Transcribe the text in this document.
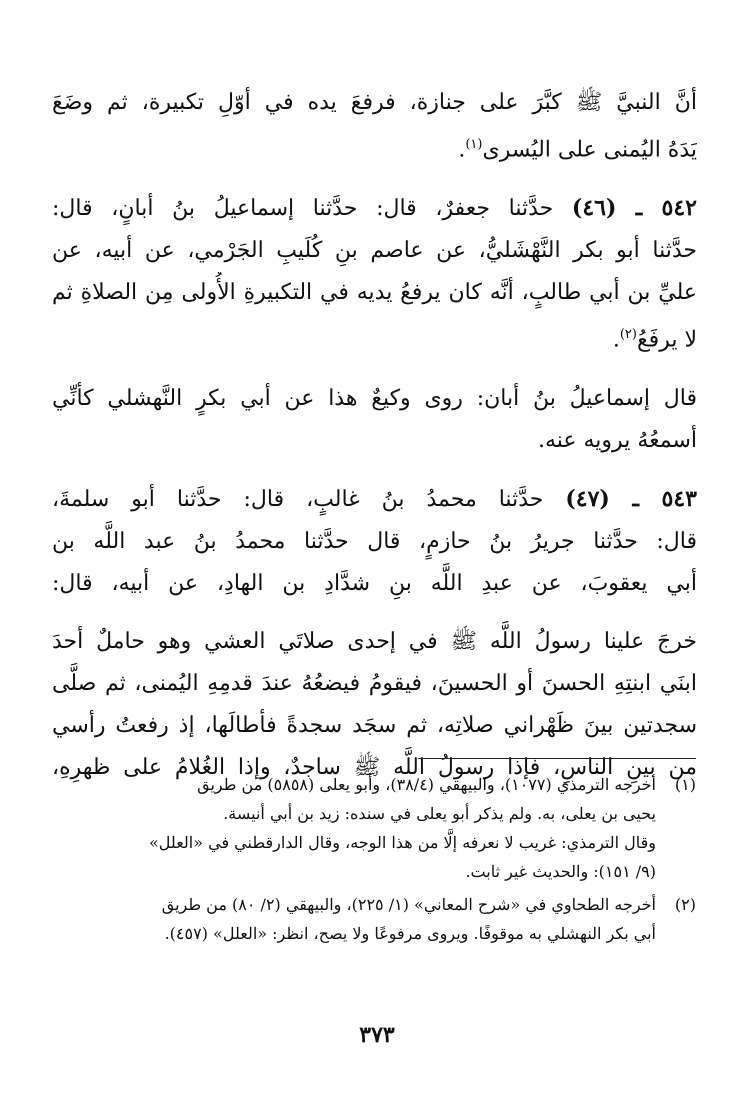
أنَّ النبيَّ ﷺ كبَّرَ على جنازة، فرفعَ يده في أوّلِ تكبيرة، ثم وضَعَ
يَدَهُ اليُمنى على اليُسرى$^{(١)}$.

٥٤٢ ـ (٤٦) حدَّثنا جعفرٌ، قال: حدَّثنا إسماعيلُ بنُ أبانٍ، قال:
حدَّثنا أبو بكر النَّهْشَليُّ، عن عاصم بنِ كُلَيبِ الجَرْمي، عن أبيه، عن
عليِّ بن أبي طالبٍ، أنَّه كان يرفعُ يديه في التكبيرةِ الأُولى مِن الصلاةِ ثم
لا يرفَعُ$^{(٢)}$.

قال إسماعيلُ بنُ أبان: روى وكيعٌ هذا عن أبي بكرٍ النَّهشلي كأنِّي
أسمعُهُ يرويه عنه.

٥٤٣ ـ (٤٧) حدَّثنا محمدُ بنُ غالبٍ، قال: حدَّثنا أبو سلمةَ،
قال: حدَّثنا جريرُ بنُ حازمٍ، قال حدَّثنا محمدُ بنُ عبد اللَّه بن
أبي يعقوبَ، عن عبدِ اللَّه بنِ شدَّادِ بن الهادِ، عن أبيه، قال:

خرجَ علينا رسولُ اللَّه ﷺ في إحدى صلاتَي العشي وهو حاملٌ أحدَ
ابنَي ابنتِهِ الحسنَ أو الحسينَ، فيقومُ فيضعُهُ عندَ قدمِهِ اليُمنى، ثم صلَّى
سجدتين بينَ ظَهْراني صلاتِه، ثم سجَد سجدةً فأطالَها، إذ رفعتُ رأسي
من بينِ الناسِ، فإذا رسولُ اللَّه ﷺ ساجدٌ، وإذا الغُلامُ على ظهرِهِ،

(١)
أخرجه الترمذي (١٠٧٧)، والبيهقي (٣٨/٤)، وأبو يعلى (٥٨٥٨) من طريق
يحيى بن يعلى، به. ولم يذكر أبو يعلى في سنده: زيد بن أبي أنيسة.
وقال الترمذي: غريب لا نعرفه إلَّا من هذا الوجه، وقال الدارقطني في «العلل»
(٩/ ١٥١): والحديث غير ثابت.
(٢)
أخرجه الطحاوي في «شرح المعاني» (١/ ٢٢٥)، والبيهقي (٢/ ٨٠) من طريق
أبي بكر النهشلي به موقوفًا. ويروى مرفوعًا ولا يصح، انظر: «العلل» (٤٥٧).
٣٧٣
